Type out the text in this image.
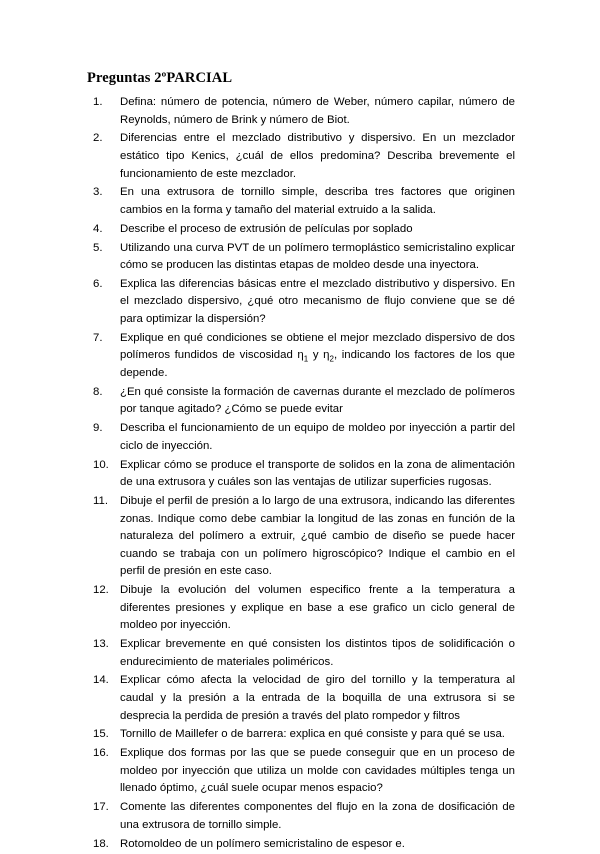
Preguntas 2ºPARCIAL
1.	Defina: número de potencia, número de Weber, número capilar, número de Reynolds, número de Brink y número de Biot.
2.	Diferencias entre el mezclado distributivo y dispersivo. En un mezclador estático tipo Kenics, ¿cuál de ellos predomina? Describa brevemente el funcionamiento de este mezclador.
3.	En una extrusora de tornillo simple, describa tres factores que originen cambios en la forma y tamaño del material extruido a la salida.
4.	Describe el proceso de extrusión de películas por soplado
5.	Utilizando una curva PVT de un polímero termoplástico semicristalino explicar cómo se producen las distintas etapas de moldeo desde una inyectora.
6.	Explica las diferencias básicas entre el mezclado distributivo y dispersivo. En el mezclado dispersivo, ¿qué otro mecanismo de flujo conviene que se dé para optimizar la dispersión?
7.	Explique en qué condiciones se obtiene el mejor mezclado dispersivo de dos polímeros fundidos de viscosidad $\eta_1$ y $\eta_2$, indicando los factores de los que depende.
8.	¿En qué consiste la formación de cavernas durante el mezclado de polímeros por tanque agitado? ¿Cómo se puede evitar
9.	Describa el funcionamiento de un equipo de moldeo por inyección a partir del ciclo de inyección.
10. Explicar cómo se produce el transporte de solidos en la zona de alimentación de una extrusora y cuáles son las ventajas de utilizar superficies rugosas.
11.	Dibuje el perfil de presión a lo largo de una extrusora, indicando las diferentes zonas. Indique como debe cambiar la longitud de las zonas en función de la naturaleza del polímero a extruir, ¿qué cambio de diseño se puede hacer cuando se trabaja con un polímero higroscópico? Indique el cambio en el perfil de presión en este caso.
12. Dibuje la evolución del volumen especifico frente a la temperatura a diferentes presiones y explique en base a ese grafico un ciclo general de moldeo por inyección.
13. Explicar brevemente en qué consisten los distintos tipos de solidificación o endurecimiento de materiales poliméricos.
14. Explicar cómo afecta la velocidad de giro del tornillo y la temperatura al caudal y la presión a la entrada de la boquilla de una extrusora si se desprecia la perdida de presión a través del plato rompedor y filtros
15. Tornillo de Maillefer o de barrera: explica en qué consiste y para qué se usa.
16. Explique dos formas por las que se puede conseguir que en un proceso de moldeo por inyección que utiliza un molde con cavidades múltiples tenga un llenado óptimo, ¿cuál suele ocupar menos espacio?
17. Comente las diferentes componentes del flujo en la zona de dosificación de una extrusora de tornillo simple.
18. Rotomoldeo de un polímero semicristalino de espesor e.
